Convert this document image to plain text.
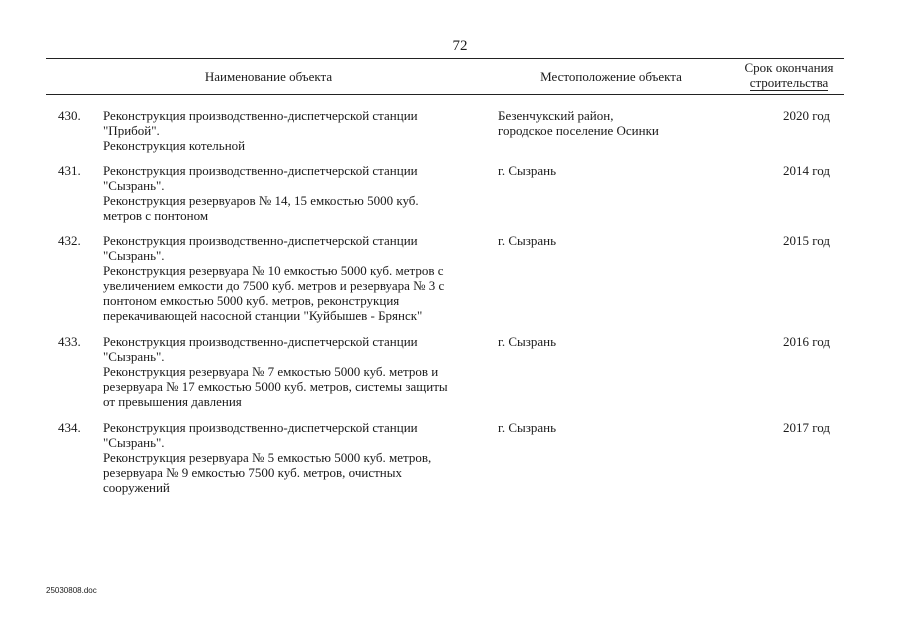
72
Наименование объекта	Местоположение объекта
Срок окончания
строительства
430.	Реконструкция производственно-диспетчерской станции
"Прибой".
Реконструкция котельной
Безенчукский район,
городское поселение Осинки
2020 год
431.	Реконструкция производственно-диспетчерской станции
"Сызрань".
Реконструкция резервуаров № 14, 15 емкостью 5000 куб.
метров с понтоном
г. Сызрань	2014 год
432.	Реконструкция производственно-диспетчерской станции
"Сызрань".
Реконструкция резервуара № 10 емкостью 5000 куб. метров с
увеличением емкости до 7500 куб. метров и резервуара № 3 с
понтоном емкостью 5000 куб. метров, реконструкция
перекачивающей насосной станции "Куйбышев - Брянск"
г. Сызрань	2015 год
433.	Реконструкция производственно-диспетчерской станции
"Сызрань".
Реконструкция резервуара № 7 емкостью 5000 куб. метров и
резервуара № 17 емкостью 5000 куб. метров, системы защиты
от превышения давления
г. Сызрань	2016 год
434.	Реконструкция производственно-диспетчерской станции
"Сызрань".
Реконструкция резервуара № 5 емкостью 5000 куб. метров,
резервуара № 9 емкостью 7500 куб. метров, очистных
сооружений
г. Сызрань	2017 год
25030808.doc
